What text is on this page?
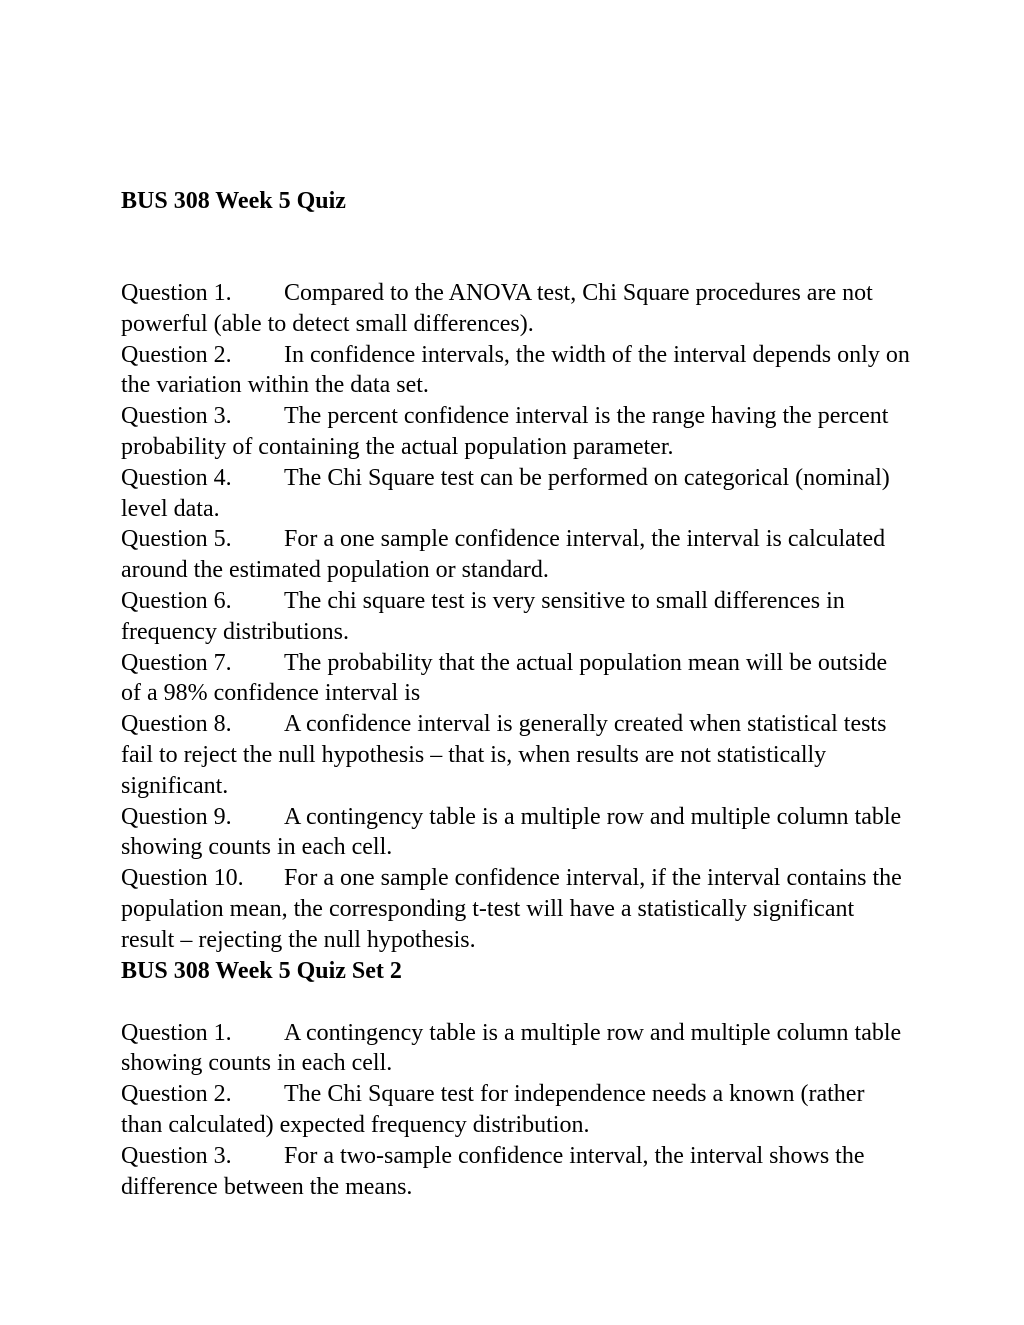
BUS 308 Week 5 Quiz

Question 1. Compared to the ANOVA test, Chi Square procedures are not powerful (able to detect small differences).

Question 2. In confidence intervals, the width of the interval depends only on the variation within the data set.

Question 3. The percent confidence interval is the range having the percent probability of containing the actual population parameter.

Question 4. The Chi Square test can be performed on categorical (nominal) level data.

Question 5. For a one sample confidence interval, the interval is calculated around the estimated population or standard.

Question 6. The chi square test is very sensitive to small differences in frequency distributions.

Question 7. The probability that the actual population mean will be outside of a 98% confidence interval is

Question 8. A confidence interval is generally created when statistical tests fail to reject the null hypothesis – that is, when results are not statistically significant.

Question 9. A contingency table is a multiple row and multiple column table showing counts in each cell.

Question 10. For a one sample confidence interval, if the interval contains the population mean, the corresponding t-test will have a statistically significant result – rejecting the null hypothesis.

BUS 308 Week 5 Quiz Set 2

Question 1. A contingency table is a multiple row and multiple column table showing counts in each cell.

Question 2. The Chi Square test for independence needs a known (rather than calculated) expected frequency distribution.

Question 3. For a two-sample confidence interval, the interval shows the difference between the means.
